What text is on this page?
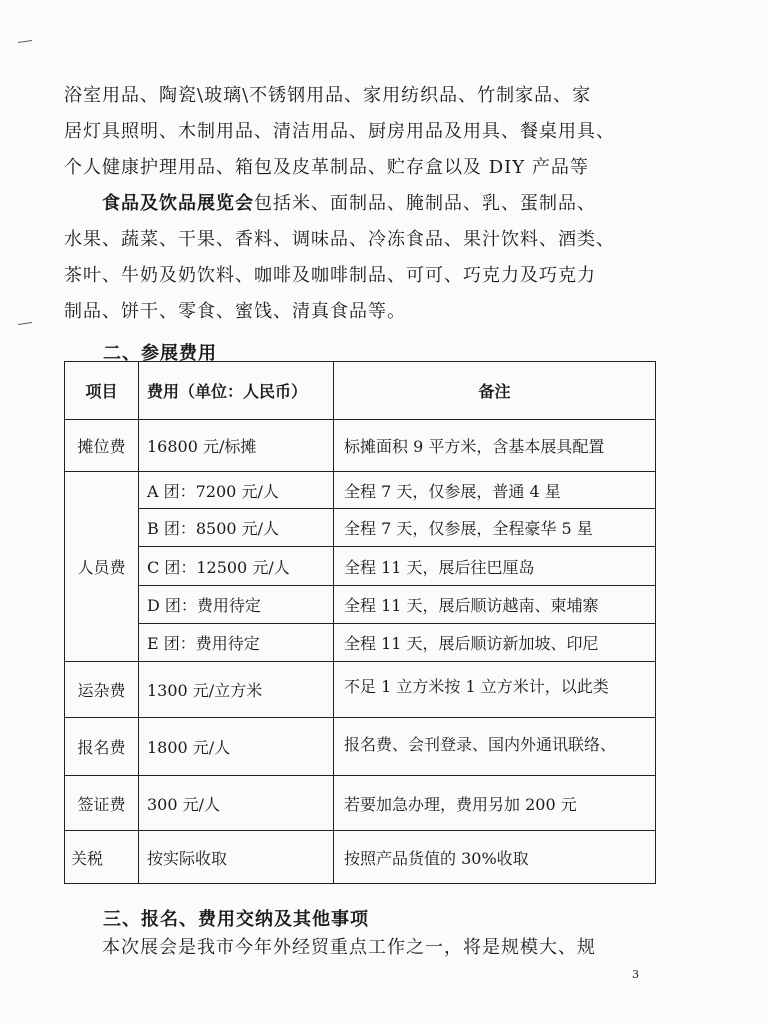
浴室用品、陶瓷\玻璃\不锈钢用品、家用纺织品、竹制家品、家
居灯具照明、木制用品、清洁用品、厨房用品及用具、餐桌用具、
个人健康护理用品、箱包及皮革制品、贮存盒以及 DIY 产品等
食品及饮品展览会包括米、面制品、腌制品、乳、蛋制品、
水果、蔬菜、干果、香料、调味品、冷冻食品、果汁饮料、酒类、
茶叶、牛奶及奶饮料、咖啡及咖啡制品、可可、巧克力及巧克力
制品、饼干、零食、蜜饯、清真食品等。
二、参展费用
项目	费用（单位：人民币）	备注
摊位费	16800 元/标摊	标摊面积 9 平方米，含基本展具配置
人员费	A 团：7200 元/人	全程 7 天，仅参展，普通 4 星
	B 团：8500 元/人	全程 7 天，仅参展，全程豪华 5 星
	C 团：12500 元/人	全程 11 天，展后往巴厘岛
	D 团：费用待定	全程 11 天，展后顺访越南、柬埔寨
	E 团：费用待定	全程 11 天，展后顺访新加坡、印尼
运杂费	1300 元/立方米	不足 1 立方米按 1 立方米计，以此类
报名费	1800 元/人	报名费、会刊登录、国内外通讯联络、
签证费	300 元/人	若要加急办理，费用另加 200 元
关税	按实际收取	按照产品货值的 30%收取
三、报名、费用交纳及其他事项
本次展会是我市今年外经贸重点工作之一，将是规模大、规
3
